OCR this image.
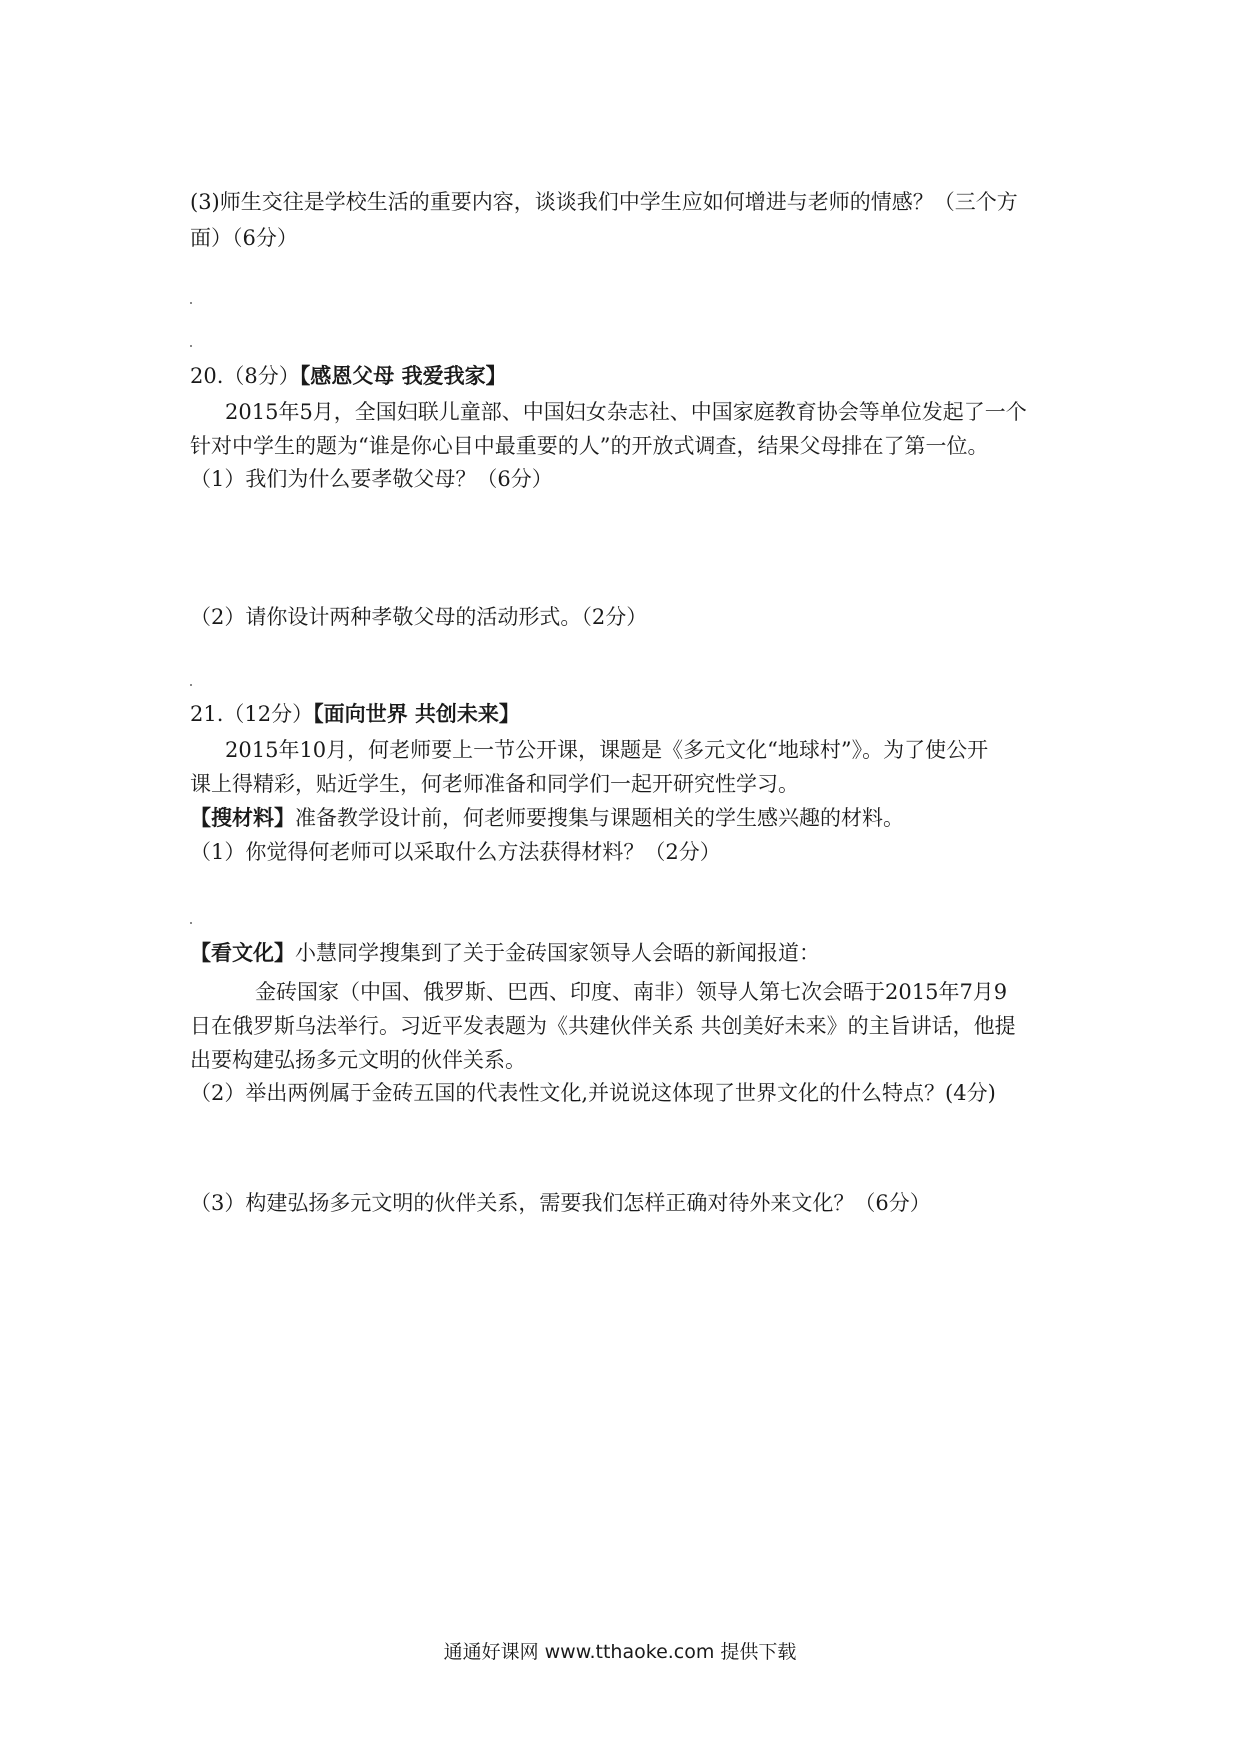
(3)师生交往是学校生活的重要内容，谈谈我们中学生应如何增进与老师的情感？（三个方
面）（6分）
20.（8分）【感恩父母 我爱我家】
2015年5月，全国妇联儿童部、中国妇女杂志社、中国家庭教育协会等单位发起了一个
针对中学生的题为“谁是你心目中最重要的人”的开放式调查，结果父母排在了第一位。
（1）我们为什么要孝敬父母？（6分）
（2）请你设计两种孝敬父母的活动形式。（2分）
21.（12分）【面向世界 共创未来】
2015年10月，何老师要上一节公开课，课题是《多元文化“地球村”》。为了使公开
课上得精彩，贴近学生，何老师准备和同学们一起开研究性学习。
【搜材料】准备教学设计前，何老师要搜集与课题相关的学生感兴趣的材料。
（1）你觉得何老师可以采取什么方法获得材料？（2分）
【看文化】小慧同学搜集到了关于金砖国家领导人会晤的新闻报道：
金砖国家（中国、俄罗斯、巴西、印度、南非）领导人第七次会晤于2015年7月9
日在俄罗斯乌法举行。习近平发表题为《共建伙伴关系 共创美好未来》的主旨讲话，他提
出要构建弘扬多元文明的伙伴关系。
（2）举出两例属于金砖五国的代表性文化,并说说这体现了世界文化的什么特点？(4分)
（3）构建弘扬多元文明的伙伴关系，需要我们怎样正确对待外来文化？（6分）
通通好课网 www.tthaoke.com 提供下载
